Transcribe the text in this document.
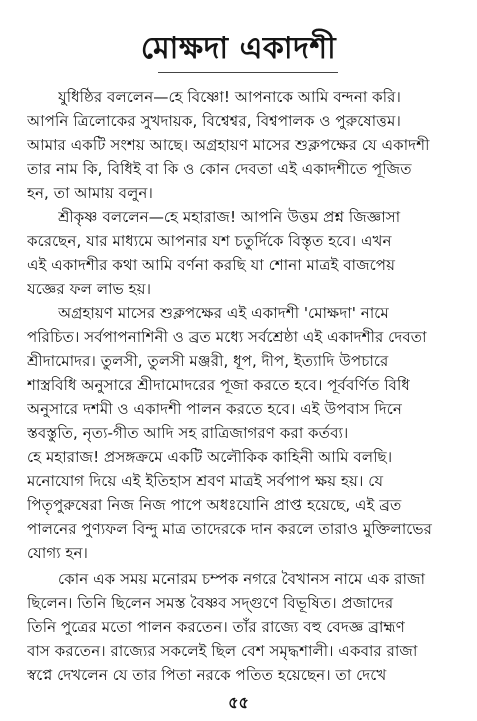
মোক্ষদা একাদশী
যুধিষ্ঠির বললেন—হে বিষ্ণো! আপনাকে আমি বন্দনা করি।
আপনি ত্রিলোকের সুখদায়ক, বিশ্বেশ্বর, বিশ্বপালক ও পুরুষোত্তম।
আমার একটি সংশয় আছে। অগ্রহায়ণ মাসের শুক্লপক্ষের যে একাদশী
তার নাম কি, বিধিই বা কি ও কোন দেবতা এই একাদশীতে পূজিত
হন, তা আমায় বলুন।
শ্রীকৃষ্ণ বললেন—হে মহারাজ! আপনি উত্তম প্রশ্ন জিজ্ঞাসা
করেছেন, যার মাধ্যমে আপনার যশ চতুর্দিকে বিস্তৃত হবে। এখন
এই একাদশীর কথা আমি বর্ণনা করছি যা শোনা মাত্রই বাজপেয়
যজ্ঞের ফল লাভ হয়।
অগ্রহায়ণ মাসের শুক্লপক্ষের এই একাদশী 'মোক্ষদা' নামে
পরিচিত। সর্বপাপনাশিনী ও ব্রত মধ্যে সর্বশ্রেষ্ঠা এই একাদশীর দেবতা
শ্রীদামোদর। তুলসী, তুলসী মঞ্জরী, ধূপ, দীপ, ইত্যাদি উপচারে
শাস্ত্রবিধি অনুসারে শ্রীদামোদরের পূজা করতে হবে। পূর্ববর্ণিত বিধি
অনুসারে দশমী ও একাদশী পালন করতে হবে। এই উপবাস দিনে
স্তবস্তুতি, নৃত্য-গীত আদি সহ রাত্রিজাগরণ করা কর্তব্য।
হে মহারাজ! প্রসঙ্গক্রমে একটি অলৌকিক কাহিনী আমি বলছি।
মনোযোগ দিয়ে এই ইতিহাস শ্রবণ মাত্রই সর্বপাপ ক্ষয় হয়। যে
পিতৃপুরুষেরা নিজ নিজ পাপে অধঃযোনি প্রাপ্ত হয়েছে, এই ব্রত
পালনের পুণ্যফল বিন্দু মাত্র তাদেরকে দান করলে তারাও মুক্তিলাভের
যোগ্য হন।
কোন এক সময় মনোরম চম্পক নগরে বৈখানস নামে এক রাজা
ছিলেন। তিনি ছিলেন সমস্ত বৈষ্ণব সদ্গুণে বিভূষিত। প্রজাদের
তিনি পুত্রের মতো পালন করতেন। তাঁর রাজ্যে বহু বেদজ্ঞ ব্রাহ্মণ
বাস করতেন। রাজ্যের সকলেই ছিল বেশ সমৃদ্ধশালী। একবার রাজা
স্বপ্নে দেখলেন যে তার পিতা নরকে পতিত হয়েছেন। তা দেখে
৫৫
